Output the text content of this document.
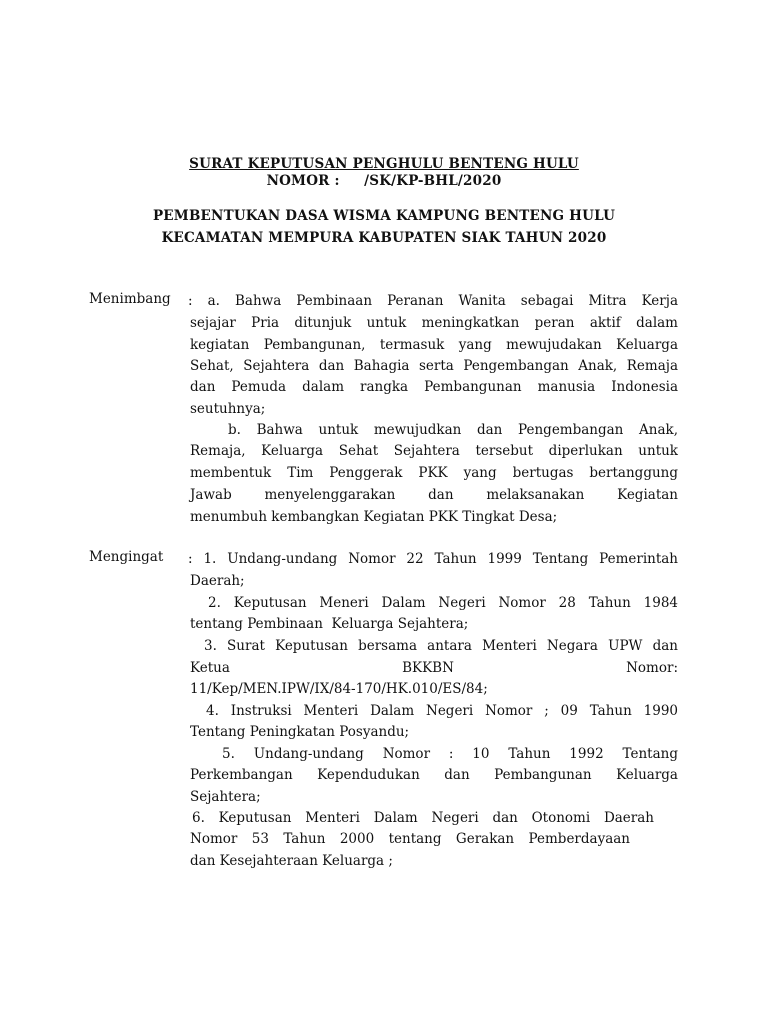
SURAT KEPUTUSAN PENGHULU BENTENG HULU
NOMOR :     /SK/KP-BHL/2020
PEMBENTUKAN DASA WISMA KAMPUNG BENTENG HULU
KECAMATAN MEMPURA KABUPATEN SIAK TAHUN 2020
Menimbang : a. Bahwa Pembinaan Peranan Wanita sebagai Mitra Kerja
sejajar Pria ditunjuk untuk meningkatkan peran aktif dalam
kegiatan Pembangunan, termasuk yang mewujudakan Keluarga
Sehat, Sejahtera dan Bahagia serta Pengembangan Anak, Remaja
dan Pemuda dalam rangka Pembangunan manusia Indonesia
seutuhnya;
b. Bahwa untuk mewujudkan dan Pengembangan Anak,
Remaja, Keluarga Sehat Sejahtera tersebut diperlukan untuk
membentuk Tim Penggerak PKK yang bertugas bertanggung
Jawab menyelenggarakan dan melaksanakan Kegiatan
menumbuh kembangkan Kegiatan PKK Tingkat Desa;
Mengingat : 1. Undang-undang Nomor 22 Tahun 1999 Tentang Pemerintah
Daerah;
2. Keputusan Meneri Dalam Negeri Nomor 28 Tahun 1984
tentang Pembinaan  Keluarga Sejahtera;
3. Surat Keputusan bersama antara Menteri Negara UPW dan
Ketua BKKBN Nomor:
11/Kep/MEN.IPW/IX/84-170/HK.010/ES/84;
4. Instruksi Menteri Dalam Negeri Nomor ; 09 Tahun 1990
Tentang Peningkatan Posyandu;
5. Undang-undang Nomor : 10 Tahun 1992 Tentang
Perkembangan Kependudukan dan Pembangunan Keluarga
Sejahtera;
6. Keputusan Menteri Dalam Negeri dan Otonomi Daerah
Nomor 53 Tahun 2000 tentang Gerakan Pemberdayaan
dan Kesejahteraan Keluarga ;
